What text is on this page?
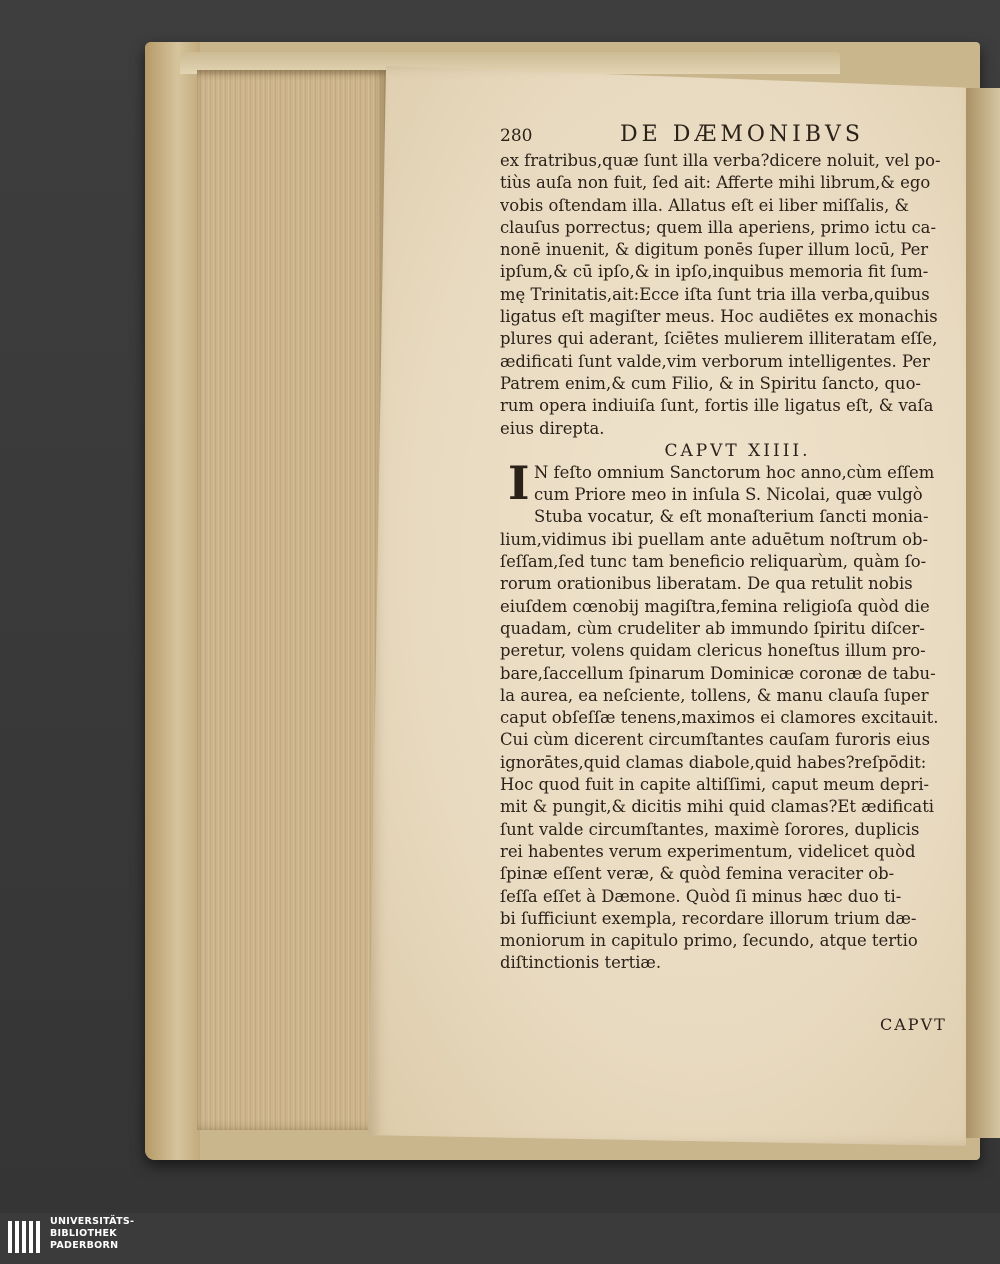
280	DE DÆMONIBVS
ex fratribus,quæ ſunt illa verba?dicere noluit, vel po-
tiùs auſa non fuit, ſed ait: Afferte mihi librum,& ego
vobis oſtendam illa. Allatus eſt ei liber miſſalis, &
clauſus porrectus; quem illa aperiens, primo ictu ca-
nonē inuenit, & digitum ponēs ſuper illum locū, Per
ipſum,& cū ipſo,& in ipſo,inquibus memoria fit ſum-
mę Trinitatis,ait:Ecce iſta ſunt tria illa verba,quibus
ligatus eſt magiſter meus. Hoc audiētes ex monachis
plures qui aderant, ſciētes mulierem illiteratam eſſe,
ædificati ſunt valde,vim verborum intelligentes. Per
Patrem enim,& cum Filio, & in Spiritu ſancto, quo-
rum opera indiuiſa ſunt, fortis ille ligatus eſt, & vaſa
eius direpta.
CAPVT XIIII.
I N feſto omnium Sanctorum hoc anno,cùm eſſem
cum Priore meo in inſula S. Nicolai, quæ vulgò
Stuba vocatur, & eſt monaſterium ſancti monia-
lium,vidimus ibi puellam ante aduētum noſtrum ob-
ſeſſam,ſed tunc tam beneficio reliquarùm, quàm ſo-
rorum orationibus liberatam. De qua retulit nobis
eiuſdem cœnobij magiſtra,femina religioſa quòd die
quadam, cùm crudeliter ab immundo ſpiritu diſcer-
peretur, volens quidam clericus honeſtus illum pro-
bare,ſaccellum ſpinarum Dominicæ coronæ de tabu-
la aurea, ea neſciente, tollens, & manu clauſa ſuper
caput obſeſſæ tenens,maximos ei clamores excitauit.
Cui cùm dicerent circumſtantes cauſam furoris eius
ignorātes,quid clamas diabole,quid habes?reſpōdit:
Hoc quod fuit in capite altiſſimi, caput meum depri-
mit & pungit,& dicitis mihi quid clamas?Et ædificati
ſunt valde circumſtantes, maximè ſorores, duplicis
rei habentes verum experimentum, videlicet quòd
ſpinæ eſſent veræ, & quòd femina veraciter ob-
ſeſſa eſſet à Dæmone. Quòd ſi minus hæc duo ti-
bi ſufficiunt exempla, recordare illorum trium dæ-
moniorum in capitulo primo, ſecundo, atque tertio
diſtinctionis tertiæ.
CAPVT
UNIVERSITÄTS-
BIBLIOTHEK
PADERBORN
